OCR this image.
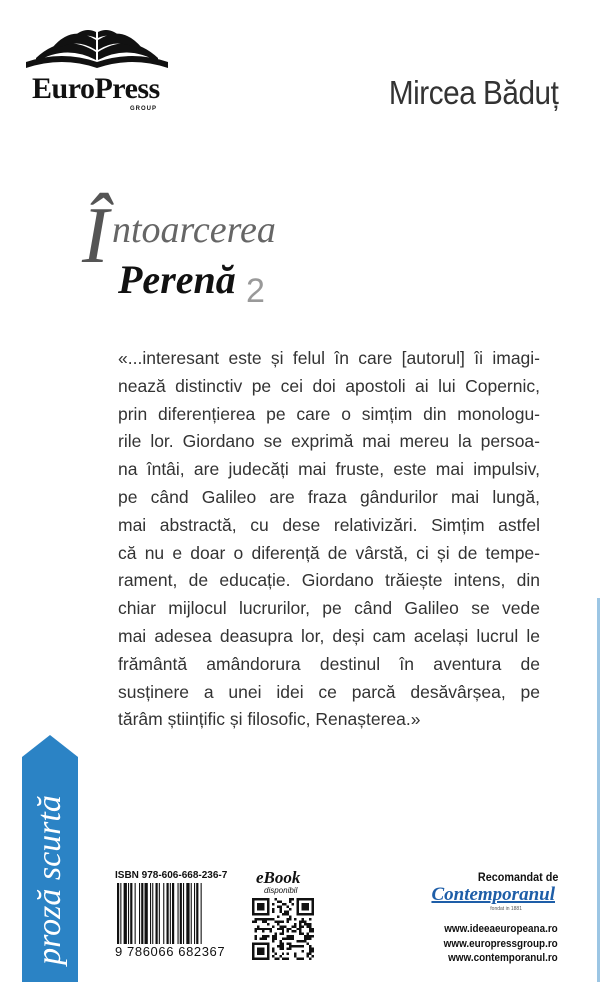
EuroPress
GROUP	Mircea Băduț
Î ntoarcerea
Perenă 2
«...interesant este și felul în care [autorul] îi imagi-
nează distinctiv pe cei doi apostoli ai lui Copernic,
prin diferențierea pe care o simțim din monologu-
rile lor. Giordano se exprimă mai mereu la persoa-
na întâi, are judecăți mai fruste, este mai impulsiv,
pe când Galileo are fraza gândurilor mai lungă,
mai abstractă, cu dese relativizări. Simțim astfel
că nu e doar o diferență de vârstă, ci și de tempe-
rament, de educație. Giordano trăiește intens, din
chiar mijlocul lucrurilor, pe când Galileo se vede
mai adesea deasupra lor, deși cam același lucrul le
frământă amândorura destinul în aventura de
susținere a unei idei ce parcă desăvârșea, pe
tărâm științific și filosofic, Renașterea.»
proză scurtă	ISBN 978-606-668-236-7
9 786066 682367
eBook
disponibil
Recomandat de
Contemporanul
fondat in 1881
www.ideeaeuropeana.ro
www.europressgroup.ro
www.contemporanul.ro
